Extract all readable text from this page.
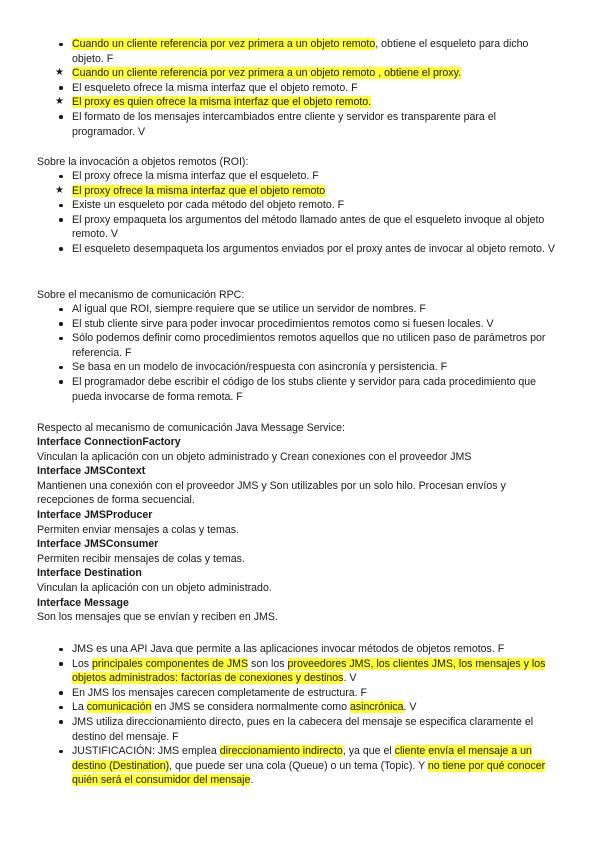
Cuando un cliente referencia por vez primera a un objeto remoto, obtiene el esqueleto para dicho objeto. F
★ Cuando un cliente referencia por vez primera a un objeto remoto , obtiene el proxy.
El esqueleto ofrece la misma interfaz que el objeto remoto. F
★ El proxy es quien ofrece la misma interfaz que el objeto remoto.
El formato de los mensajes intercambiados entre cliente y servidor es transparente para el programador. V
Sobre la invocación a objetos remotos (ROI):
El proxy ofrece la misma interfaz que el esqueleto. F
★ El proxy ofrece la misma interfaz que el objeto remoto
Existe un esqueleto por cada método del objeto remoto. F
El proxy empaqueta los argumentos del método llamado antes de que el esqueleto invoque al objeto remoto. V
El esqueleto desempaqueta los argumentos enviados por el proxy antes de invocar al objeto remoto. V
Sobre el mecanismo de comunicación RPC:
Al igual que ROI, siempre requiere que se utilice un servidor de nombres. F
El stub cliente sirve para poder invocar procedimientos remotos como si fuesen locales. V
Sólo podemos definir como procedimientos remotos aquellos que no utilicen paso de parámetros por referencia. F
Se basa en un modelo de invocación/respuesta con asincronía y persistencia. F
El programador debe escribir el código de los stubs cliente y servidor para cada procedimiento que pueda invocarse de forma remota. F
Respecto al mecanismo de comunicación Java Message Service:
Interface ConnectionFactory
Vinculan la aplicación con un objeto administrado y Crean conexiones con el proveedor JMS
Interface JMSContext
Mantienen una conexión con el proveedor JMS y Son utilizables por un solo hilo. Procesan envíos y recepciones de forma secuencial.
Interface JMSProducer
Permiten enviar mensajes a colas y temas.
Interface JMSConsumer
Permiten recibir mensajes de colas y temas.
Interface Destination
Vinculan la aplicación con un objeto administrado.
Interface Message
Son los mensajes que se envían y reciben en JMS.
JMS es una API Java que permite a las aplicaciones invocar métodos de objetos remotos. F
Los principales componentes de JMS son los proveedores JMS, los clientes JMS, los mensajes y los objetos administrados: factorías de conexiones y destinos. V
En JMS los mensajes carecen completamente de estructura. F
La comunicación en JMS se considera normalmente como asincrónica. V
JMS utiliza direccionamiento directo, pues en la cabecera del mensaje se especifica claramente el destino del mensaje. F
JUSTIFICACIÓN: JMS emplea direccionamiento indirecto, ya que el cliente envía el mensaje a un destino (Destination), que puede ser una cola (Queue) o un tema (Topic). Y no tiene por qué conocer quién será el consumidor del mensaje.
